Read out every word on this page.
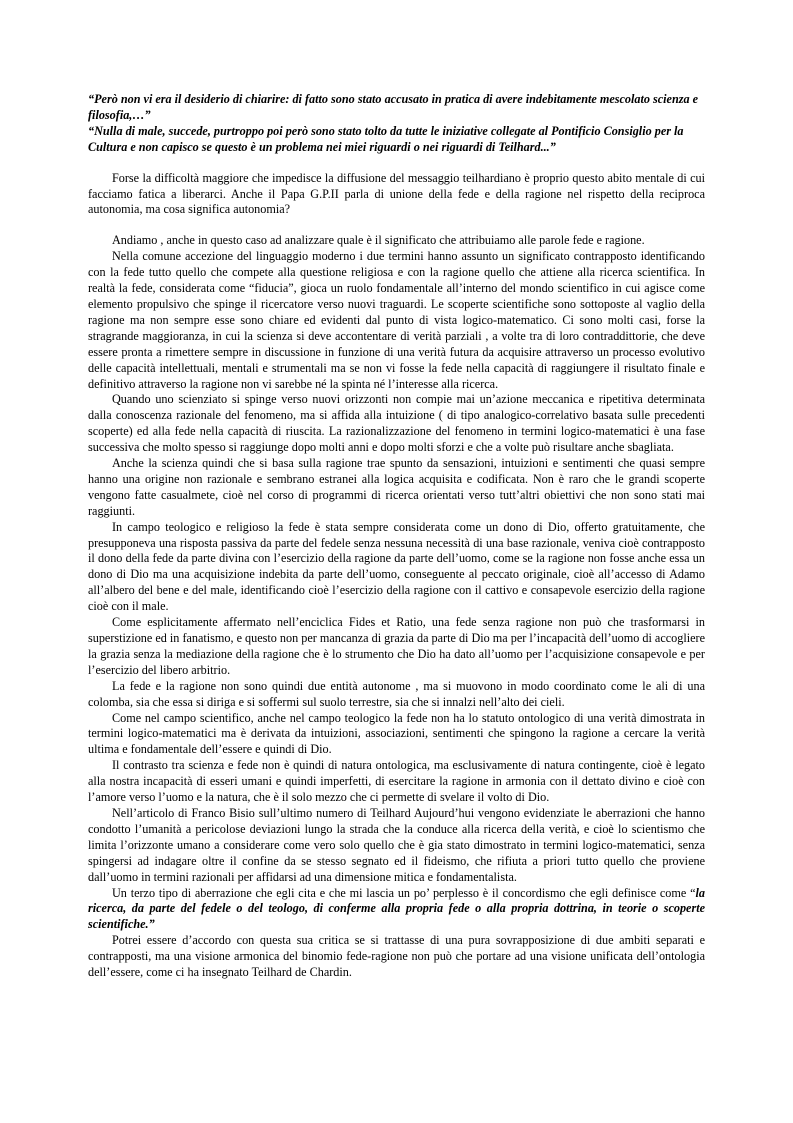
“Però non vi era il desiderio di chiarire: di fatto sono stato accusato in pratica di avere indebitamente mescolato scienza e filosofia,…”

“Nulla di male, succede, purtroppo poi però sono stato tolto da tutte le iniziative collegate al Pontificio Consiglio per la Cultura e non capisco se questo è un problema nei miei riguardi o nei riguardi di Teilhard...”

Forse la difficoltà maggiore che impedisce la diffusione del messaggio teilhardiano è proprio questo abito mentale di cui facciamo fatica a liberarci. Anche il Papa G.P.II parla di unione della fede e della ragione nel rispetto della reciproca autonomia, ma cosa significa autonomia?

Andiamo , anche in questo caso ad analizzare quale è il significato che attribuiamo alle parole fede e ragione.

Nella comune accezione del linguaggio moderno i due termini hanno assunto un significato contrapposto identificando con la fede tutto quello che compete alla questione religiosa e con la ragione quello che attiene alla ricerca scientifica. In realtà la fede, considerata come “fiducia”, gioca un ruolo fondamentale all’interno del mondo scientifico in cui agisce come elemento propulsivo che spinge il ricercatore verso nuovi traguardi. Le scoperte scientifiche sono sottoposte al vaglio della ragione ma non sempre esse sono chiare ed evidenti dal punto di vista logico-matematico. Ci sono molti casi, forse la stragrande maggioranza, in cui la scienza si deve accontentare di verità parziali , a volte tra di loro contraddittorie, che deve essere pronta a rimettere sempre in discussione in funzione di una verità futura da acquisire attraverso un processo evolutivo delle capacità intellettuali, mentali e strumentali ma se non vi fosse la fede nella capacità di raggiungere il risultato finale e definitivo attraverso la ragione non vi sarebbe né la spinta né l’interesse alla ricerca.

Quando uno scienziato si spinge verso nuovi orizzonti non compie mai un’azione meccanica e ripetitiva determinata dalla conoscenza razionale del fenomeno, ma si affida alla intuizione ( di tipo analogico-correlativo basata sulle precedenti scoperte) ed alla fede nella capacità di riuscita. La razionalizzazione del fenomeno in termini logico-matematici è una fase successiva che molto spesso si raggiunge dopo molti anni e dopo molti sforzi e che a volte può risultare anche sbagliata.

Anche la scienza quindi che si basa sulla ragione trae spunto da sensazioni, intuizioni e sentimenti che quasi sempre hanno una origine non razionale e sembrano estranei alla logica acquisita e codificata. Non è raro che le grandi scoperte vengono fatte casualmete, cioè nel corso di programmi di ricerca orientati verso tutt’altri obiettivi che non sono stati mai raggiunti.

In campo teologico e religioso la fede è stata sempre considerata come un dono di Dio, offerto gratuitamente, che presupponeva una risposta passiva da parte del fedele senza nessuna necessità di una base razionale, veniva cioè contrapposto il dono della fede da parte divina con l’esercizio della ragione da parte dell’uomo, come se la ragione non fosse anche essa un dono di Dio ma una acquisizione indebita da parte dell’uomo, conseguente al peccato originale, cioè all’accesso di Adamo all’albero del bene e del male, identificando cioè l’esercizio della ragione con il cattivo e consapevole esercizio della ragione cioè con il male.

Come esplicitamente affermato nell’enciclica Fides et Ratio, una fede senza ragione non può che trasformarsi in superstizione ed in fanatismo, e questo non per mancanza di grazia da parte di Dio ma per l’incapacità dell’uomo di accogliere la grazia senza la mediazione della ragione che è lo strumento che Dio ha dato all’uomo per l’acquisizione consapevole e per l’esercizio del libero arbitrio.

La fede e la ragione non sono quindi due entità autonome , ma si muovono in modo coordinato come le ali di una colomba, sia che essa si diriga e si soffermi sul suolo terrestre, sia che si innalzi nell’alto dei cieli.

Come nel campo scientifico, anche nel campo teologico la fede non ha lo statuto ontologico di una verità dimostrata in termini logico-matematici ma è derivata da intuizioni, associazioni, sentimenti che spingono la ragione a cercare la verità ultima e fondamentale dell’essere e quindi di Dio.

Il contrasto tra scienza e fede non è quindi di natura ontologica, ma esclusivamente di natura contingente, cioè è legato alla nostra incapacità di esseri umani e quindi imperfetti, di esercitare la ragione in armonia con il dettato divino e cioè con l’amore verso l’uomo e la natura, che è il solo mezzo che ci permette di svelare il volto di Dio.

Nell’articolo di Franco Bisio sull’ultimo numero di Teilhard Aujourd’hui vengono evidenziate le aberrazioni che hanno condotto l’umanità a pericolose deviazioni lungo la strada che la conduce alla ricerca della verità, e cioè lo scientismo che limita l’orizzonte umano a considerare come vero solo quello che è gia stato dimostrato in termini logico-matematici, senza spingersi ad indagare oltre il confine da se stesso segnato ed il fideismo, che rifiuta a priori tutto quello che proviene dall’uomo in termini razionali per affidarsi ad una dimensione mitica e fondamentalista.

Un terzo tipo di aberrazione che egli cita e che mi lascia un po’ perplesso è il concordismo che egli definisce come “la ricerca, da parte del fedele o del teologo, di conferme alla propria fede o alla propria dottrina, in teorie o scoperte scientifiche.”

Potrei essere d’accordo con questa sua critica se si trattasse di una pura sovrapposizione di due ambiti separati e contrapposti, ma una visione armonica del binomio fede-ragione non può che portare ad una visione unificata dell’ontologia dell’essere, come ci ha insegnato Teilhard de Chardin.
